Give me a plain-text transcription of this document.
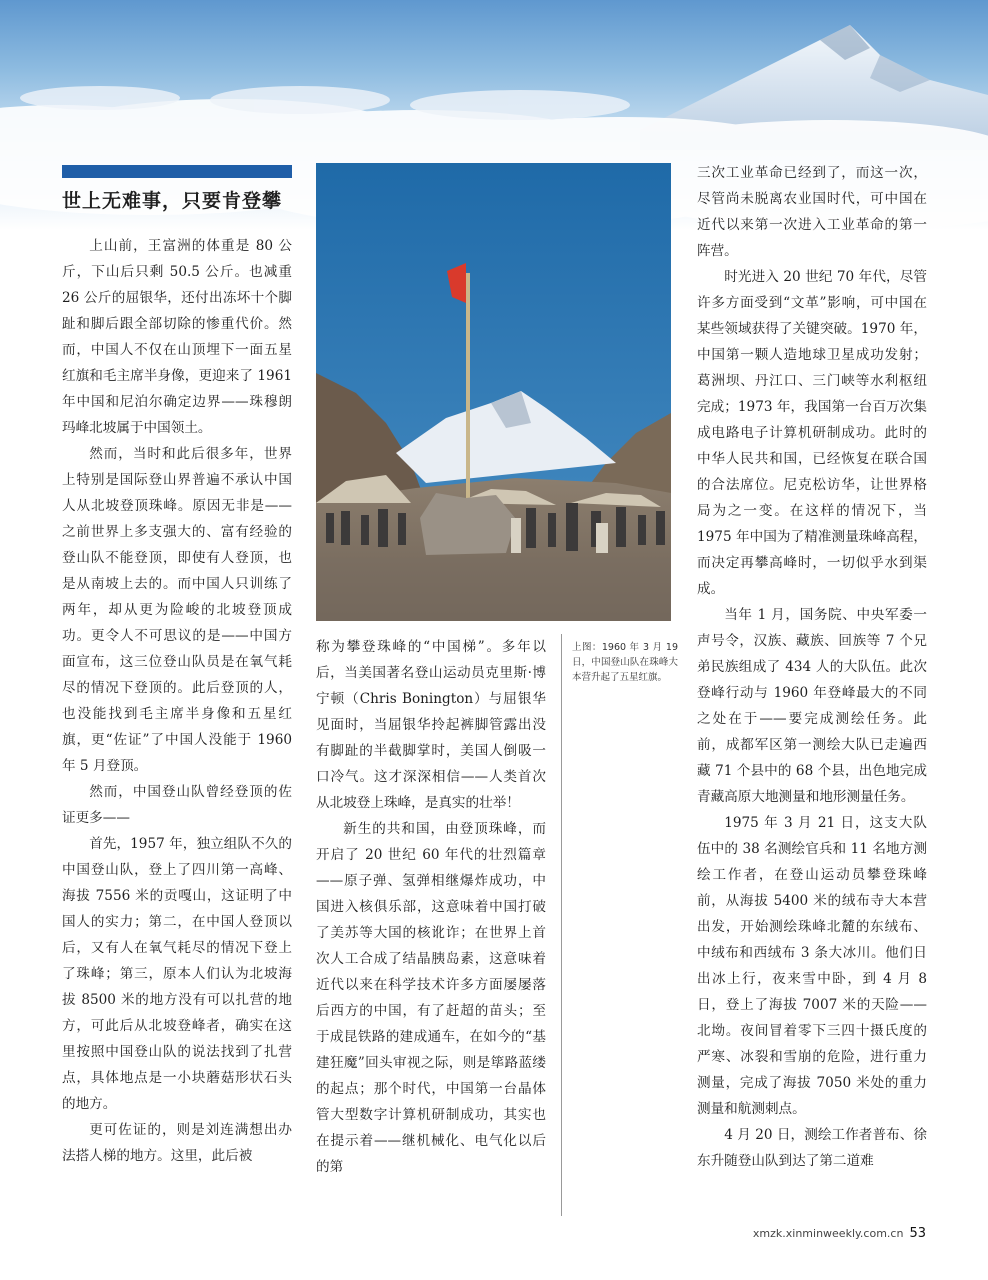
世上无难事，只要肯登攀

上山前，王富洲的体重是 80 公斤，下山后只剩 50.5 公斤。也减重 26 公斤的屈银华，还付出冻坏十个脚趾和脚后跟全部切除的惨重代价。然而，中国人不仅在山顶埋下一面五星红旗和毛主席半身像，更迎来了 1961 年中国和尼泊尔确定边界——珠穆朗玛峰北坡属于中国领土。

然而，当时和此后很多年，世界上特别是国际登山界普遍不承认中国人从北坡登顶珠峰。原因无非是——之前世界上多支强大的、富有经验的登山队不能登顶，即使有人登顶，也是从南坡上去的。而中国人只训练了两年，却从更为险峻的北坡登顶成功。更令人不可思议的是——中国方面宣布，这三位登山队员是在氧气耗尽的情况下登顶的。此后登顶的人，也没能找到毛主席半身像和五星红旗，更“佐证”了中国人没能于 1960 年 5 月登顶。

然而，中国登山队曾经登顶的佐证更多——

首先，1957 年，独立组队不久的中国登山队，登上了四川第一高峰、海拔 7556 米的贡嘎山，这证明了中国人的实力；第二，在中国人登顶以后，又有人在氧气耗尽的情况下登上了珠峰；第三，原本人们认为北坡海拔 8500 米的地方没有可以扎营的地方，可此后从北坡登峰者，确实在这里按照中国登山队的说法找到了扎营点，具体地点是一小块蘑菇形状石头的地方。

更可佐证的，则是刘连满想出办法搭人梯的地方。这里，此后被

称为攀登珠峰的“中国梯”。多年以后，当美国著名登山运动员克里斯·博宁顿（Chris Bonington）与屈银华见面时，当屈银华拎起裤脚管露出没有脚趾的半截脚掌时，美国人倒吸一口冷气。这才深深相信——人类首次从北坡登上珠峰，是真实的壮举！

新生的共和国，由登顶珠峰，而开启了 20 世纪 60 年代的壮烈篇章——原子弹、氢弹相继爆炸成功，中国进入核俱乐部，这意味着中国打破了美苏等大国的核讹诈；在世界上首次人工合成了结晶胰岛素，这意味着近代以来在科学技术许多方面屡屡落后西方的中国，有了赶超的苗头；至于成昆铁路的建成通车，在如今的“基建狂魔”回头审视之际，则是筚路蓝缕的起点；那个时代，中国第一台晶体管大型数字计算机研制成功，其实也在提示着——继机械化、电气化以后的第

上图：1960 年 3 月 19 日，中国登山队在珠峰大本营升起了五星红旗。

三次工业革命已经到了，而这一次，尽管尚未脱离农业国时代，可中国在近代以来第一次进入工业革命的第一阵营。

时光进入 20 世纪 70 年代，尽管许多方面受到“文革”影响，可中国在某些领域获得了关键突破。1970 年，中国第一颗人造地球卫星成功发射；葛洲坝、丹江口、三门峡等水利枢纽完成；1973 年，我国第一台百万次集成电路电子计算机研制成功。此时的中华人民共和国，已经恢复在联合国的合法席位。尼克松访华，让世界格局为之一变。在这样的情况下，当 1975 年中国为了精准测量珠峰高程，而决定再攀高峰时，一切似乎水到渠成。

当年 1 月，国务院、中央军委一声号令，汉族、藏族、回族等 7 个兄弟民族组成了 434 人的大队伍。此次登峰行动与 1960 年登峰最大的不同之处在于——要完成测绘任务。此前，成都军区第一测绘大队已走遍西藏 71 个县中的 68 个县，出色地完成青藏高原大地测量和地形测量任务。

1975 年 3 月 21 日，这支大队伍中的 38 名测绘官兵和 11 名地方测绘工作者，在登山运动员攀登珠峰前，从海拔 5400 米的绒布寺大本营出发，开始测绘珠峰北麓的东绒布、中绒布和西绒布 3 条大冰川。他们日出冰上行，夜来雪中卧，到 4 月 8 日，登上了海拔 7007 米的天险——北坳。夜间冒着零下三四十摄氏度的严寒、冰裂和雪崩的危险，进行重力测量，完成了海拔 7050 米处的重力测量和航测刺点。

4 月 20 日，测绘工作者普布、徐东升随登山队到达了第二道难

xmzk.xinminweekly.com.cn 53
